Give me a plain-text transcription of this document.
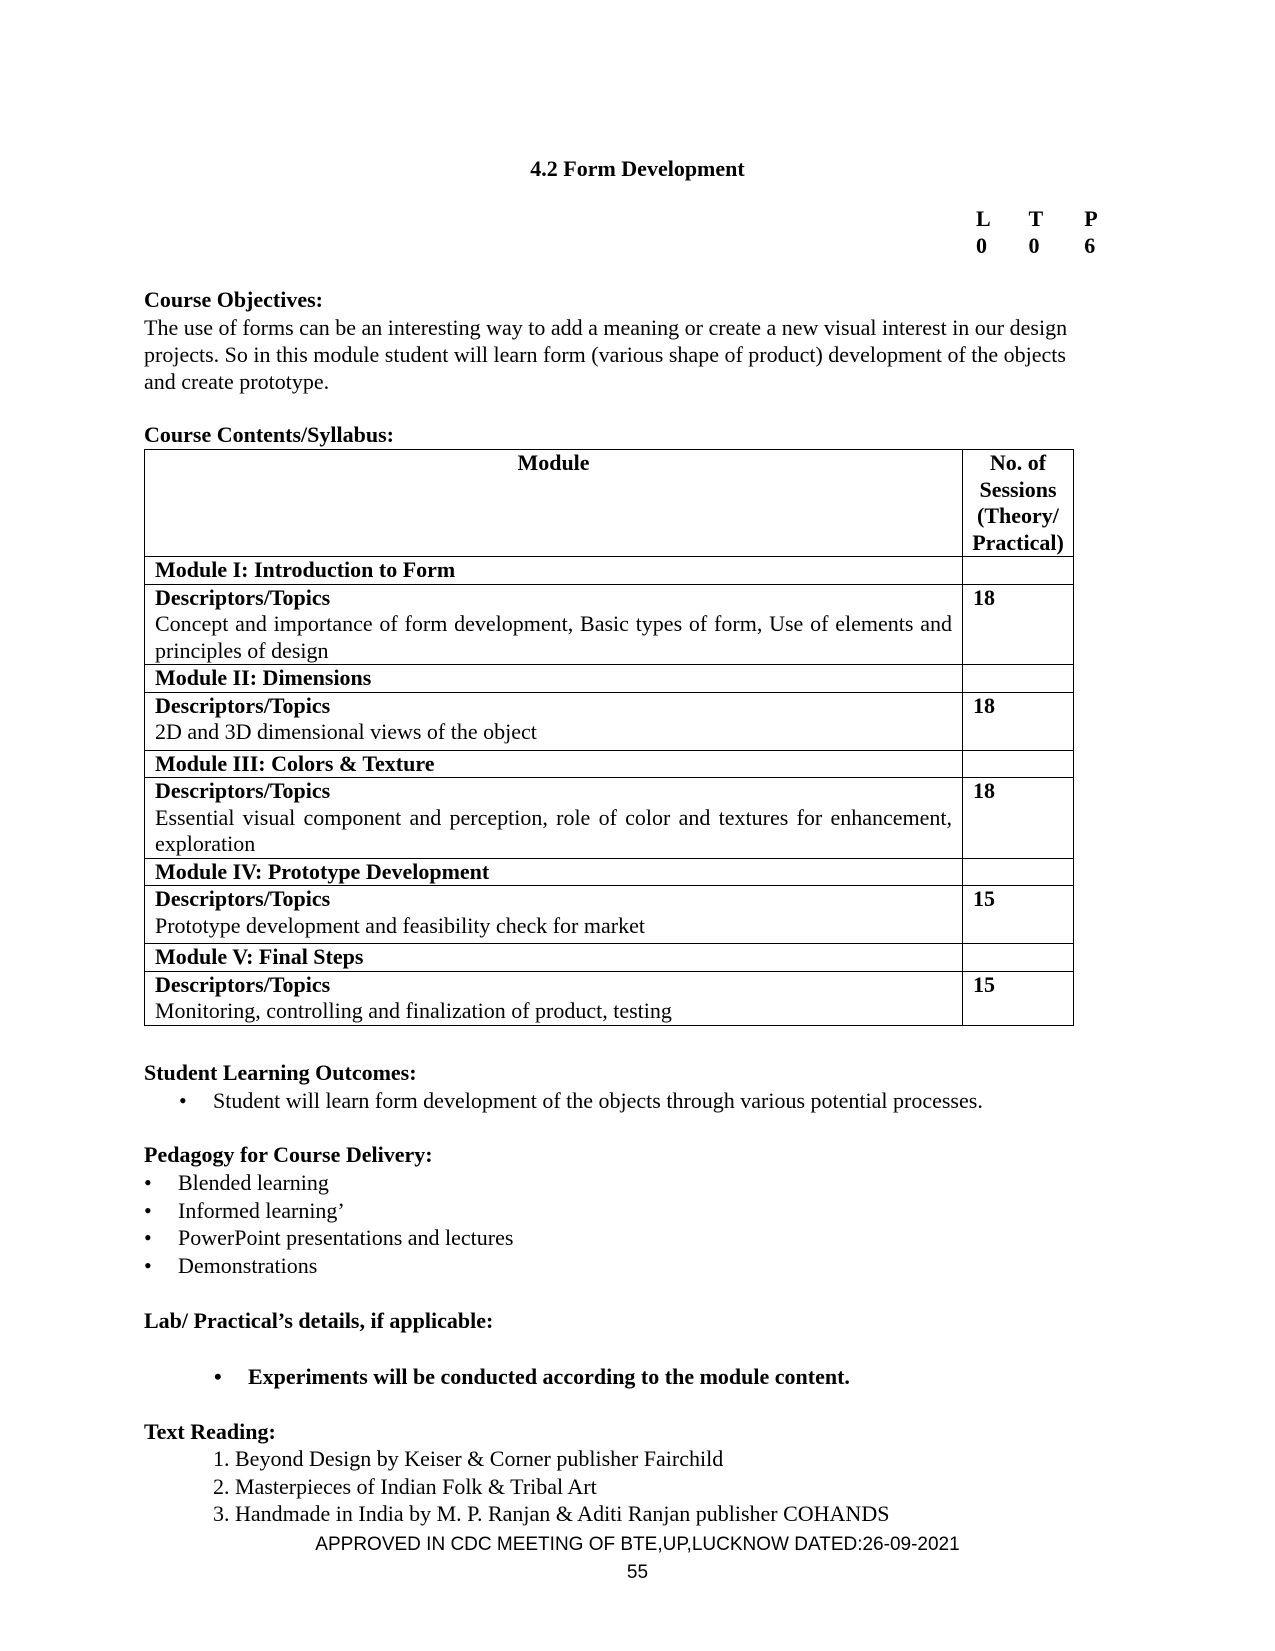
4.2 Form Development
L	T	P
0	0	6
Course Objectives:
The use of forms can be an interesting way to add a meaning or create a new visual interest in our design
projects. So in this module student will learn form (various shape of product) development of the objects
and create prototype.
Course Contents/Syllabus:
Module	No. of
Sessions
(Theory/
Practical)

Module I: Introduction to Form	

Descriptors/Topics
Concept and importance of form development, Basic types of form, Use of elements and principles of design	18
Module II: Dimensions	

Descriptors/Topics
2D and 3D dimensional views of the object	18
Module III: Colors & Texture	

Descriptors/Topics
Essential visual component and perception, role of color and textures for enhancement, exploration	18
Module IV: Prototype Development	

Descriptors/Topics
Prototype development and feasibility check for market	15
Module V: Final Steps	

Descriptors/Topics
Monitoring, controlling and finalization of product, testing	15
Student Learning Outcomes:
• Student will learn form development of the objects through various potential processes.
Pedagogy for Course Delivery:
• Blended learning
• Informed learning’
• PowerPoint presentations and lectures
• Demonstrations
Lab/ Practical’s details, if applicable:
• Experiments will be conducted according to the module content.
Text Reading:
1. Beyond Design by Keiser & Corner publisher Fairchild
2. Masterpieces of Indian Folk & Tribal Art
3. Handmade in India by M. P. Ranjan & Aditi Ranjan publisher COHANDS
APPROVED IN CDC MEETING OF BTE,UP,LUCKNOW DATED:26-09-2021
55
